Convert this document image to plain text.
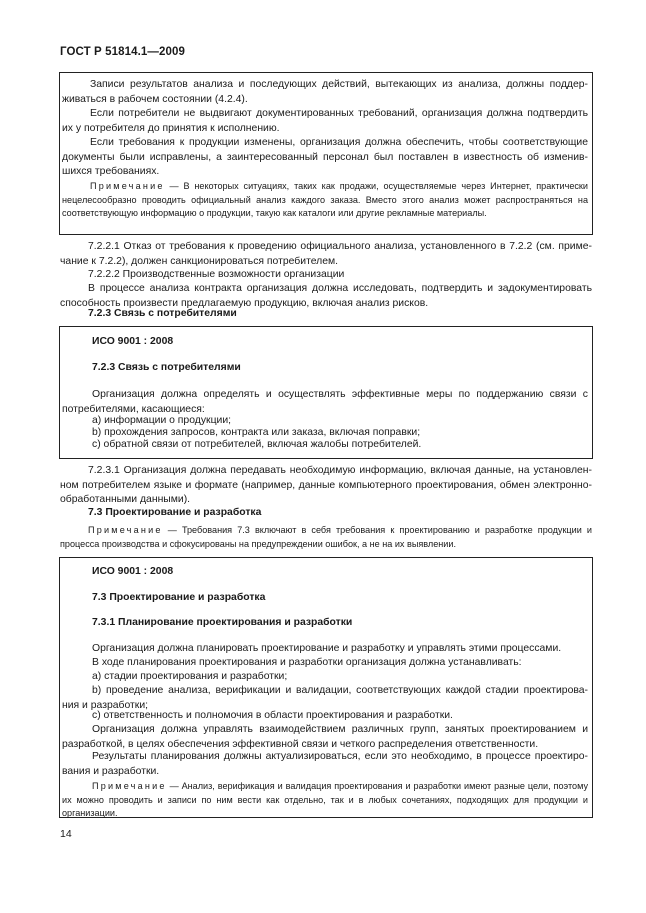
ГОСТ Р 51814.1—2009
Записи результатов анализа и последующих действий, вытекающих из анализа, должны поддер-живаться в рабочем состоянии (4.2.4).
Если потребители не выдвигают документированных требований, организация должна подтвердить их у потребителя до принятия к исполнению.
Если требования к продукции изменены, организация должна обеспечить, чтобы соответствующие документы были исправлены, а заинтересованный персонал был поставлен в известность об изменив-шихся требованиях.
Примечание — В некоторых ситуациях, таких как продажи, осуществляемые через Интернет, практически нецелесообразно проводить официальный анализ каждого заказа. Вместо этого анализ может распространяться на соответствующую информацию о продукции, такую как каталоги или другие рекламные материалы.
7.2.2.1 Отказ от требования к проведению официального анализа, установленного в 7.2.2 (см. приме-чание к 7.2.2), должен санкционироваться потребителем.
7.2.2.2 Производственные возможности организации
В процессе анализа контракта организация должна исследовать, подтвердить и задокументировать способность произвести предлагаемую продукцию, включая анализ рисков.
7.2.3 Связь с потребителями
ИСО 9001 : 2008
7.2.3 Связь с потребителями
Организация должна определять и осуществлять эффективные меры по поддержанию связи с потребителями, касающиеся:
a) информации о продукции;
b) прохождения запросов, контракта или заказа, включая поправки;
c) обратной связи от потребителей, включая жалобы потребителей.
7.2.3.1 Организация должна передавать необходимую информацию, включая данные, на установлен-ном потребителем языке и формате (например, данные компьютерного проектирования, обмен электронно-обработанными данными).
7.3 Проектирование и разработка
Примечание — Требования 7.3 включают в себя требования к проектированию и разработке продукции и процесса производства и сфокусированы на предупреждении ошибок, а не на их выявлении.
ИСО 9001 : 2008
7.3 Проектирование и разработка
7.3.1 Планирование проектирования и разработки
Организация должна планировать проектирование и разработку и управлять этими процессами.
В ходе планирования проектирования и разработки организация должна устанавливать:
a) стадии проектирования и разработки;
b) проведение анализа, верификации и валидации, соответствующих каждой стадии проектирова-ния и разработки;
c) ответственность и полномочия в области проектирования и разработки.
Организация должна управлять взаимодействием различных групп, занятых проектированием и разработкой, в целях обеспечения эффективной связи и четкого распределения ответственности.
Результаты планирования должны актуализироваться, если это необходимо, в процессе проектиро-вания и разработки.
Примечание — Анализ, верификация и валидация проектирования и разработки имеют разные цели, поэтому их можно проводить и записи по ним вести как отдельно, так и в любых сочетаниях, подходящих для продукции и организации.
14
